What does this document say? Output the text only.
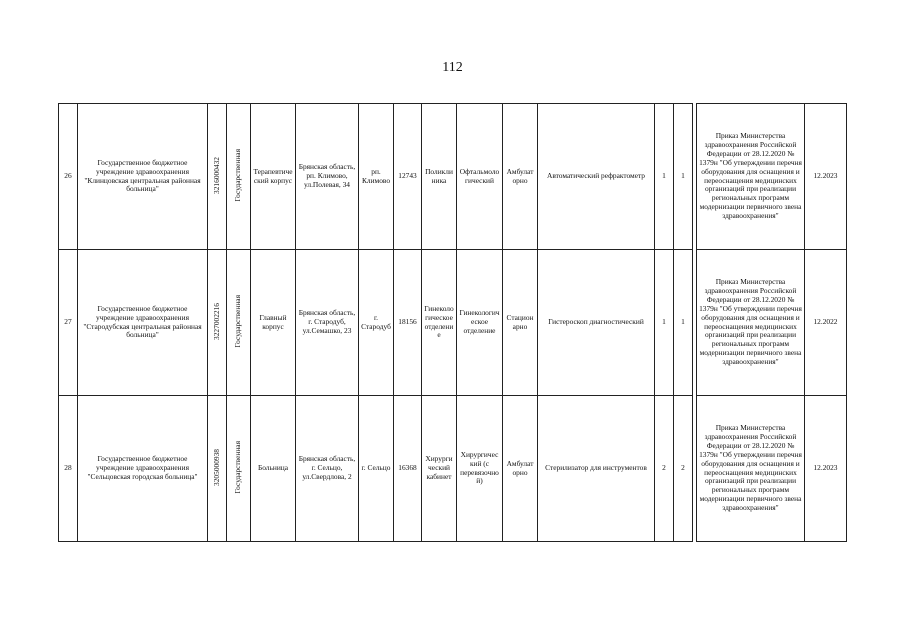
112
26	Государственное бюджетное учреждение здравоохранения "Клинцовская центральная районная больница"	3216000432	Государственная	Терапевтический корпус	Брянская область, рп. Климово, ул.Полевая, 34	рп. Климово	12743	Поликлиника	Офтальмологический	Амбулаторно	Автоматический рефрактометр	1	1		Приказ Министерства здравоохранения Российской Федерации от 28.12.2020 № 1379н "Об утверждении перечня оборудования для оснащения и переоснащения медицинских организаций при реализации региональных программ модернизации первичного звена здравоохранения"	12.2023
27	Государственное бюджетное учреждение здравоохранения "Стародубская центральная районная больница"	3227002216	Государственная	Главный корпус	Брянская область, г. Стародуб, ул.Семашко, 23	г. Стародуб	18156	Гинекологическое отделение	Гинекологическое отделение	Стационарно	Гистероскоп диагностический	1	1		Приказ Министерства здравоохранения Российской Федерации от 28.12.2020 № 1379н "Об утверждении перечня оборудования для оснащения и переоснащения медицинских организаций при реализации региональных программ модернизации первичного звена здравоохранения"	12.2022
28	Государственное бюджетное учреждение здравоохранения "Сельцовская городская больница"	3205000938	Государственная	Больница	Брянская область, г. Сельцо, ул.Свердлова, 2	г. Сельцо	16368	Хирургический кабинет	Хирургический (с перевязочной)	Амбулаторно	Стерилизатор для инструментов	2	2		Приказ Министерства здравоохранения Российской Федерации от 28.12.2020 № 1379н "Об утверждении перечня оборудования для оснащения и переоснащения медицинских организаций при реализации региональных программ модернизации первичного звена здравоохранения"	12.2023
